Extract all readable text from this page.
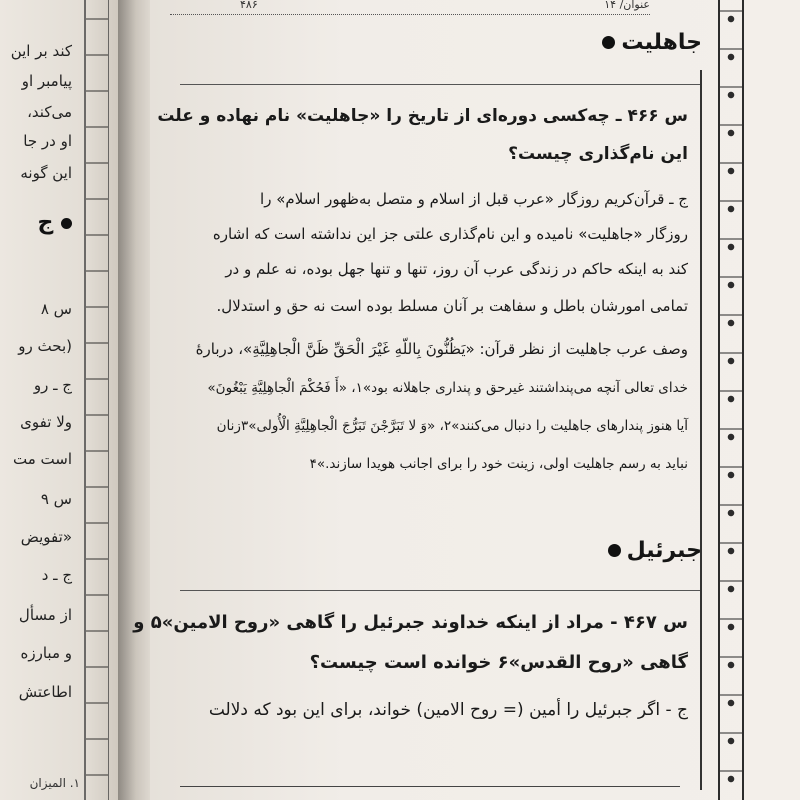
کند بر این
پیامبر او
می‌کند،
او در جا
این گونه
س ۸
(بحث رو
ج ـ رو
ولا تفوی
است مت
س ۹
«تفویض
ج ـ د
از مسأل
و مبارزه
اطاعتش
ج
۱. المیزان
۴۸۶	عنوان/ ۱۴
جاهلیت
س ۴۶۶ ـ چه‌کسی دوره‌ای از تاریخ را «جاهلیت» نام نهاده و علت
این نام‌گذاری چیست؟
ج ـ قرآن‌کریم روزگار «عرب قبل از اسلام و متصل به‌ظهور اسلام» را
روزگار «جاهلیت» نامیده و این نام‌گذاری علتی جز این نداشته است که اشاره
کند به اینکه حاکم در زندگی عرب آن روز، تنها و تنها جهل بوده، نه علم و در
تمامی امورشان باطل و سفاهت بر آنان مسلط بوده است نه حق و استدلال.
وصف عرب جاهلیت از نظر قرآن: «یَظُنُّونَ بِاللّهِ غَیْرَ الْحَقِّ ظَنَّ الْجاهِلِیَّةِ»، دربارهٔ
خدای تعالی آنچه می‌پنداشتند غیرحق و پنداری جاهلانه بود»۱، «أَ فَحُکْمَ الْجاهِلِیَّةِ یَبْغُونَ»
آیا هنوز پندارهای جاهلیت را دنبال می‌کنند»۲، «وَ لا تَبَرَّجْنَ تَبَرُّجَ الْجاهِلِیَّةِ الْأُولی»۳زنان
نباید به رسم جاهلیت اولی، زینت خود را برای اجانب هویدا سازند.»۴
جبرئیل
س ۴۶۷ - مراد از اینکه خداوند جبرئیل را گاهی «روح الامین»۵ و
گاهی «روح القدس»۶ خوانده است چیست؟
ج - اگر جبرئیل را أمین (= روح الامین) خواند، برای این بود که دلالت
